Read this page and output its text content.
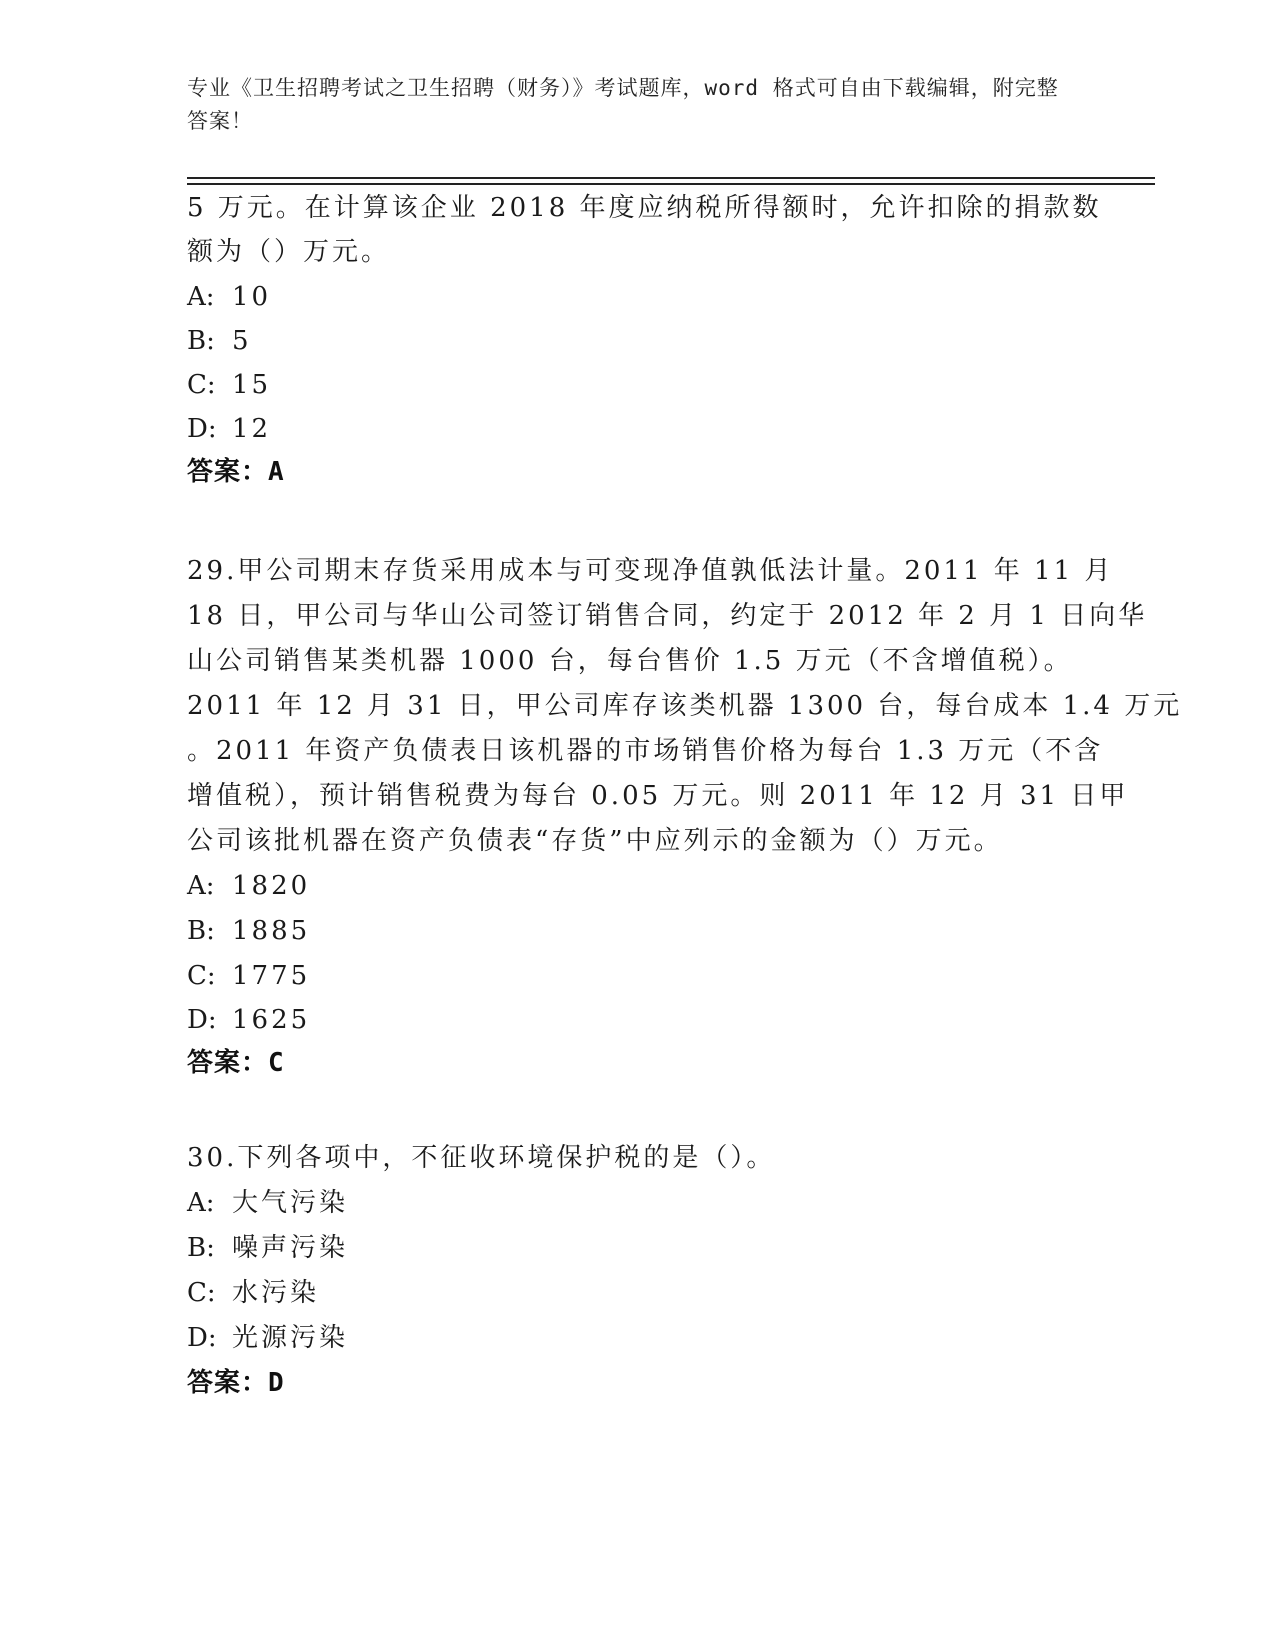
专业《卫生招聘考试之卫生招聘（财务）》考试题库，word 格式可自由下载编辑，附完整答案！
5 万元。在计算该企业 2018 年度应纳税所得额时，允许扣除的捐款数
额为（）万元。
A: 10
B: 5
C: 15
D: 12
答案：A
29.甲公司期末存货采用成本与可变现净值孰低法计量。2011 年 11 月
18 日，甲公司与华山公司签订销售合同，约定于 2012 年 2 月 1 日向华
山公司销售某类机器 1000 台，每台售价 1.5 万元（不含增值税）。
2011 年 12 月 31 日，甲公司库存该类机器 1300 台，每台成本 1.4 万元
。2011 年资产负债表日该机器的市场销售价格为每台 1.3 万元（不含
增值税），预计销售税费为每台 0.05 万元。则 2011 年 12 月 31 日甲
公司该批机器在资产负债表“存货”中应列示的金额为（）万元。
A: 1820
B: 1885
C: 1775
D: 1625
答案：C
30.下列各项中，不征收环境保护税的是（）。
A: 大气污染
B: 噪声污染
C: 水污染
D: 光源污染
答案：D
